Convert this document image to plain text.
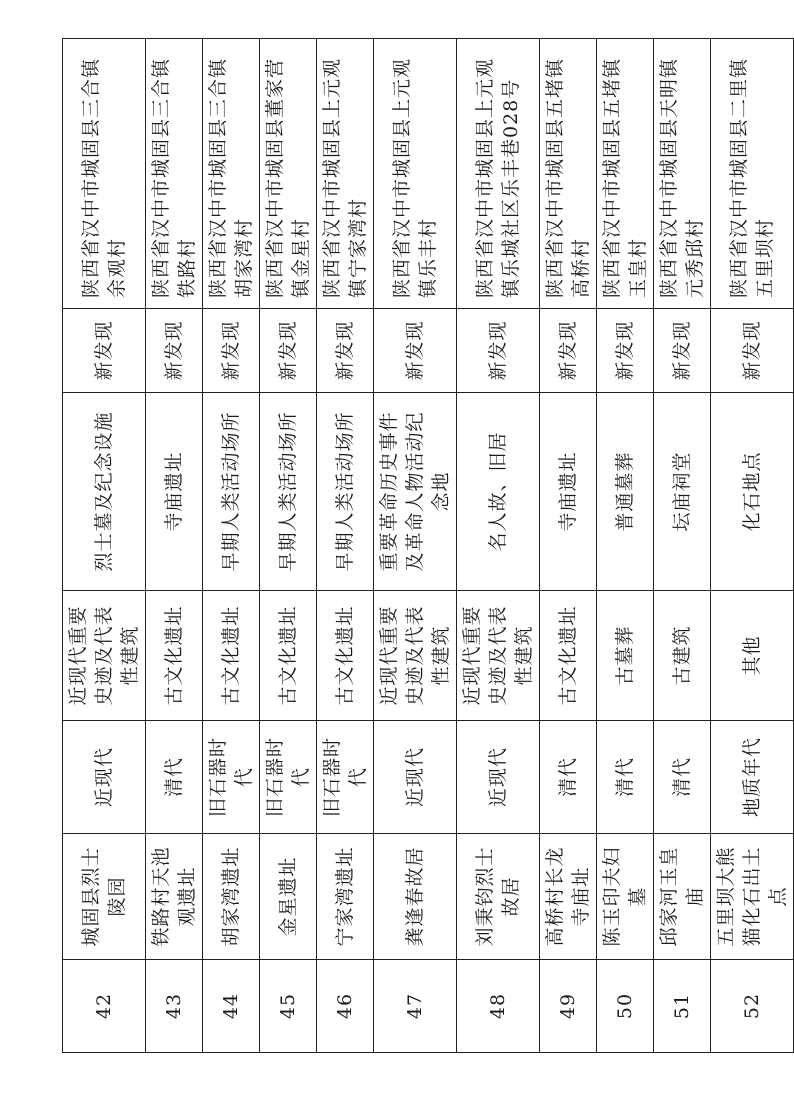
42	城固县烈士陵园	近现代	近现代重要史迹及代表性建筑	烈士墓及纪念设施	新发现	陕西省汉中市城固县三合镇余观村
43	铁路村天池观遗址	清代	古文化遗址	寺庙遗址	新发现	陕西省汉中市城固县三合镇铁路村
44	胡家湾遗址	旧石器时代	古文化遗址	早期人类活动场所	新发现	陕西省汉中市城固县三合镇胡家湾村
45	金星遗址	旧石器时代	古文化遗址	早期人类活动场所	新发现	陕西省汉中市城固县董家营镇金星村
46	宁家湾遗址	旧石器时代	古文化遗址	早期人类活动场所	新发现	陕西省汉中市城固县上元观镇宁家湾村
47	龚逢春故居	近现代	近现代重要史迹及代表性建筑	重要革命历史事件及革命人物活动纪念地	新发现	陕西省汉中市城固县上元观镇乐丰村
48	刘秉钧烈士故居	近现代	近现代重要史迹及代表性建筑	名人故、旧居	新发现	陕西省汉中市城固县上元观镇乐城社区乐丰巷028号
49	高桥村长龙寺庙址	清代	古文化遗址	寺庙遗址	新发现	陕西省汉中市城固县五堵镇高桥村
50	陈玉印夫妇墓	清代	古墓葬	普通墓葬	新发现	陕西省汉中市城固县五堵镇玉皇村
51	邱家河玉皇庙	清代	古建筑	坛庙祠堂	新发现	陕西省汉中市城固县天明镇元秀邱村
52	五里坝大熊猫化石出土点	地质年代	其他	化石地点	新发现	陕西省汉中市城固县二里镇五里坝村
